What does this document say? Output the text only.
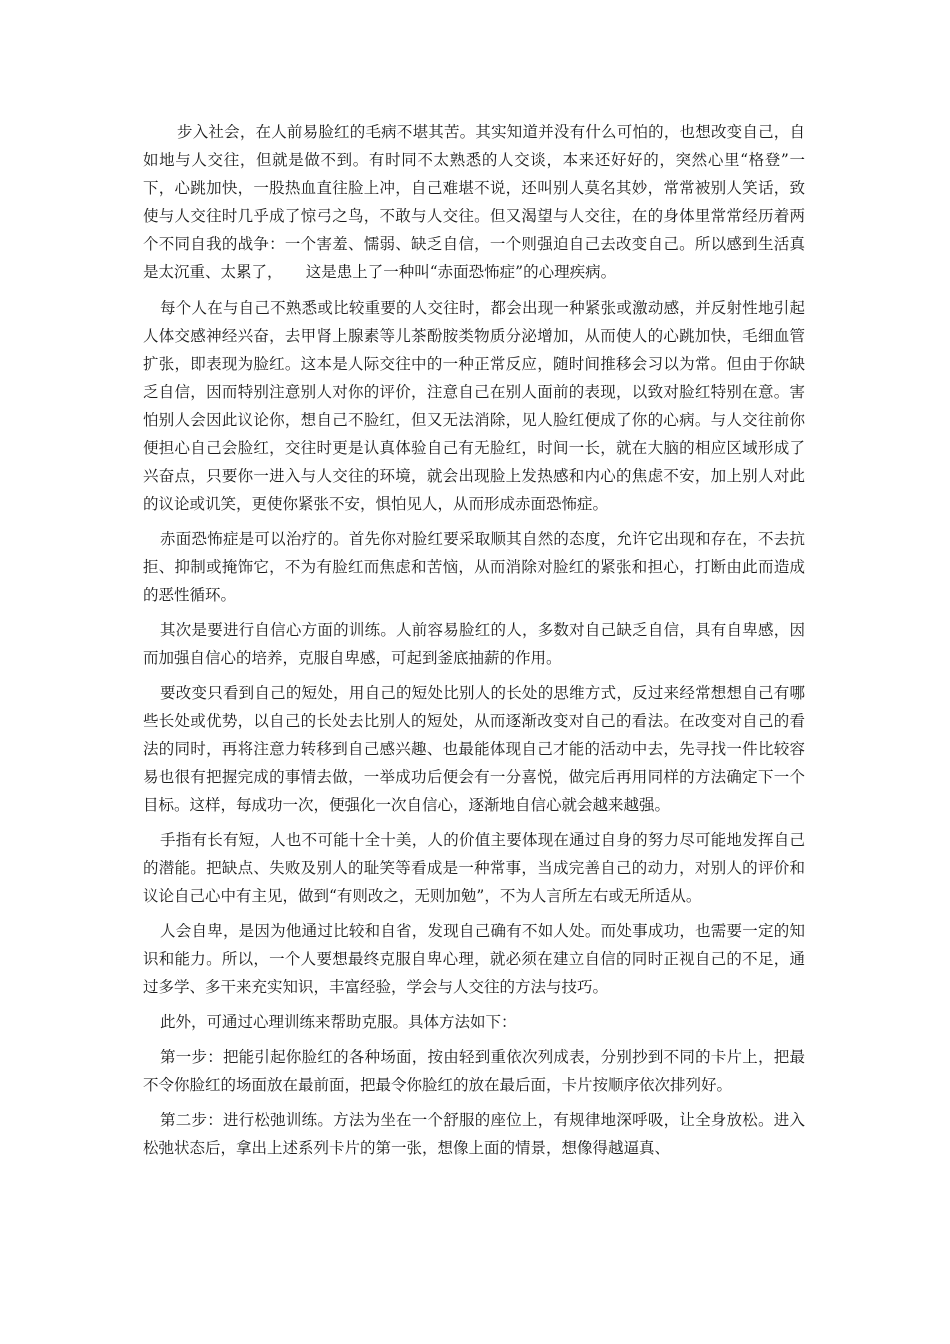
步入社会，在人前易脸红的毛病不堪其苦。其实知道并没有什么可怕的，也想改变自己，自如地与人交往，但就是做不到。有时同不太熟悉的人交谈，本来还好好的，突然心里“格登”一下，心跳加快，一股热血直往脸上冲，自己难堪不说，还叫别人莫名其妙，常常被别人笑话，致使与人交往时几乎成了惊弓之鸟，不敢与人交往。但又渴望与人交往，在的身体里常常经历着两个不同自我的战争：一个害羞、懦弱、缺乏自信，一个则强迫自己去改变自己。所以感到生活真是太沉重、太累了，　　这是患上了一种叫“赤面恐怖症”的心理疾病。

每个人在与自己不熟悉或比较重要的人交往时，都会出现一种紧张或激动感，并反射性地引起人体交感神经兴奋，去甲肾上腺素等儿茶酚胺类物质分泌增加，从而使人的心跳加快，毛细血管扩张，即表现为脸红。这本是人际交往中的一种正常反应，随时间推移会习以为常。但由于你缺乏自信，因而特别注意别人对你的评价，注意自己在别人面前的表现，以致对脸红特别在意。害怕别人会因此议论你，想自己不脸红，但又无法消除，见人脸红便成了你的心病。与人交往前你便担心自己会脸红，交往时更是认真体验自己有无脸红，时间一长，就在大脑的相应区域形成了兴奋点，只要你一进入与人交往的环境，就会出现脸上发热感和内心的焦虑不安，加上别人对此的议论或讥笑，更使你紧张不安，惧怕见人，从而形成赤面恐怖症。

赤面恐怖症是可以治疗的。首先你对脸红要采取顺其自然的态度，允许它出现和存在，不去抗拒、抑制或掩饰它，不为有脸红而焦虑和苦恼，从而消除对脸红的紧张和担心，打断由此而造成的恶性循环。

其次是要进行自信心方面的训练。人前容易脸红的人，多数对自己缺乏自信，具有自卑感，因而加强自信心的培养，克服自卑感，可起到釜底抽薪的作用。

要改变只看到自己的短处，用自己的短处比别人的长处的思维方式，反过来经常想想自己有哪些长处或优势，以自己的长处去比别人的短处，从而逐渐改变对自己的看法。在改变对自己的看法的同时，再将注意力转移到自己感兴趣、也最能体现自己才能的活动中去，先寻找一件比较容易也很有把握完成的事情去做，一举成功后便会有一分喜悦，做完后再用同样的方法确定下一个目标。这样，每成功一次，便强化一次自信心，逐渐地自信心就会越来越强。

手指有长有短，人也不可能十全十美，人的价值主要体现在通过自身的努力尽可能地发挥自己的潜能。把缺点、失败及别人的耻笑等看成是一种常事，当成完善自己的动力，对别人的评价和议论自己心中有主见，做到“有则改之，无则加勉”，不为人言所左右或无所适从。

人会自卑，是因为他通过比较和自省，发现自己确有不如人处。而处事成功，也需要一定的知识和能力。所以，一个人要想最终克服自卑心理，就必须在建立自信的同时正视自己的不足，通过多学、多干来充实知识，丰富经验，学会与人交往的方法与技巧。

此外，可通过心理训练来帮助克服。具体方法如下：

第一步：把能引起你脸红的各种场面，按由轻到重依次列成表，分别抄到不同的卡片上，把最不令你脸红的场面放在最前面，把最令你脸红的放在最后面，卡片按顺序依次排列好。

第二步：进行松弛训练。方法为坐在一个舒服的座位上，有规律地深呼吸，让全身放松。进入松弛状态后，拿出上述系列卡片的第一张，想像上面的情景，想像得越逼真、
